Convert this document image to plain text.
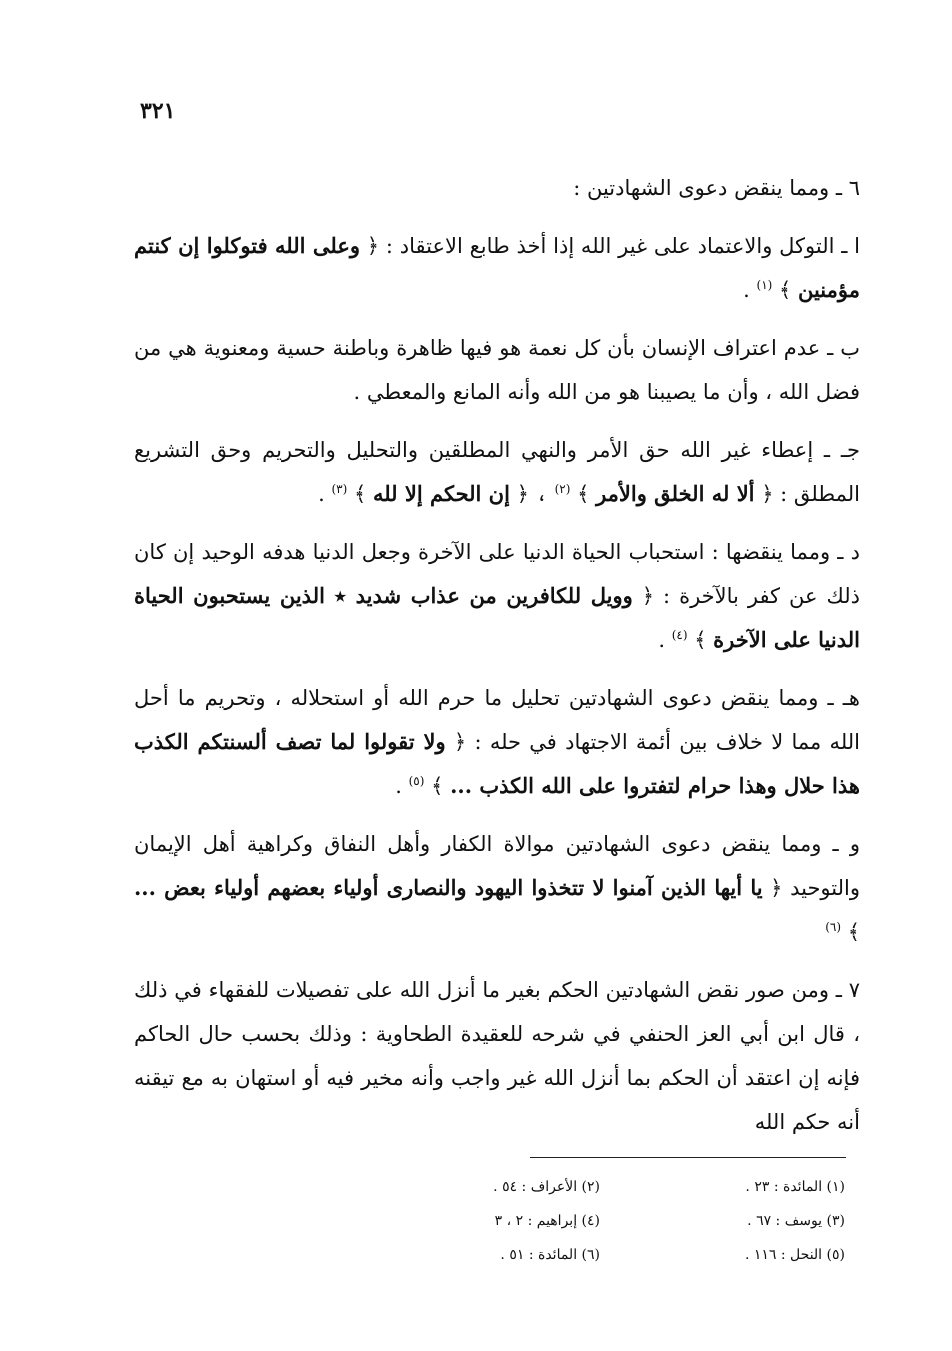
٣٢١

٦ ـ ومما ينقض دعوى الشهادتين :

ا ـ التوكل والاعتماد على غير الله إذا أخذ طابع الاعتقاد : ﴿ وعلى الله فتوكلوا إن كنتم مؤمنين ﴾ $^{(١)}$ .

ب ـ عدم اعتراف الإنسان بأن كل نعمة هو فيها ظاهرة وباطنة حسية ومعنوية هي من فضل الله ، وأن ما يصيبنا هو من الله وأنه المانع والمعطي .

جـ ـ إعطاء غير الله حق الأمر والنهي المطلقين والتحليل والتحريم وحق التشريع المطلق : ﴿ ألا له الخلق والأمر ﴾ $^{(٢)}$ ، ﴿ إن الحكم إلا لله ﴾ $^{(٣)}$ .

د ـ ومما ينقضها : استحباب الحياة الدنيا على الآخرة وجعل الدنيا هدفه الوحيد إن كان ذلك عن كفر بالآخرة : ﴿ وويل للكافرين من عذاب شديد ٭ الذين يستحبون الحياة الدنيا على الآخرة ﴾ $^{(٤)}$ .

هـ ـ ومما ينقض دعوى الشهادتين تحليل ما حرم الله أو استحلاله ، وتحريم ما أحل الله مما لا خلاف بين أئمة الاجتهاد في حله : ﴿ ولا تقولوا لما تصف ألسنتكم الكذب هذا حلال وهذا حرام لتفتروا على الله الكذب ... ﴾ $^{(٥)}$ .

و ـ ومما ينقض دعوى الشهادتين موالاة الكفار وأهل النفاق وكراهية أهل الإيمان والتوحيد ﴿ يا أيها الذين آمنوا لا تتخذوا اليهود والنصارى أولياء بعضهم أولياء بعض ... ﴾ $^{(٦)}$

٧ ـ ومن صور نقض الشهادتين الحكم بغير ما أنزل الله على تفصيلات للفقهاء في ذلك ، قال ابن أبي العز الحنفي في شرحه للعقيدة الطحاوية : وذلك بحسب حال الحاكم فإنه إن اعتقد أن الحكم بما أنزل الله غير واجب وأنه مخير فيه أو استهان به مع تيقنه أنه حكم الله

(١) المائدة : ٢٣ .
(٢) الأعراف : ٥٤ .
(٣) يوسف : ٦٧ .
(٤) إبراهيم : ٢ ، ٣
(٥) النحل : ١١٦ .
(٦) المائدة : ٥١ .
